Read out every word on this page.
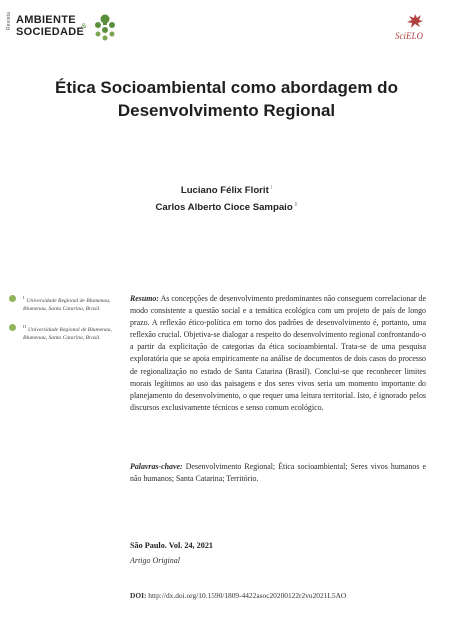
Revista AMBIENTE
SOCIEDADE
&
SciELO
Ética Socioambiental como abordagem do Desenvolvimento Regional
Luciano Félix Florit $^I$
Carlos Alberto Cioce Sampaio $^{II}$
$^I$Universidade Regional de Blumenau, Blumenau, Santa Catarina, Brasil.
$^{II}$Universidade Regional de Blumenau, Blumenau, Santa Catarina, Brasil.
Resumo: As concepções de desenvolvimento predominantes não conseguem correlacionar de modo consistente a questão social e a temática ecológica com um projeto de país de longo prazo. A reflexão ético-política em torno dos padrões de desenvolvimento é, portanto, uma reflexão crucial. Objetiva-se dialogar a respeito do desenvolvimento regional confrontando-o a partir da explicitação de categorias da ética socioambiental. Trata-se de uma pesquisa exploratória que se apoia empiricamente na análise de documentos de dois casos do processo de regionalização no estado de Santa Catarina (Brasil). Conclui-se que reconhecer limites morais legítimos ao uso das paisagens e dos seres vivos seria um momento importante do planejamento do desenvolvimento, o que requer uma leitura territorial. Isto, é ignorado pelos discursos exclusivamente técnicos e senso comum ecológico.
Palavras-chave: Desenvolvimento Regional; Ética socioambiental; Seres vivos humanos e não humanos; Santa Catarina; Território.
São Paulo. Vol. 24, 2021
Artigo Original
DOI: http://dx.doi.org/10.1590/1809-4422asoc20200122r2vu2021L5AO
